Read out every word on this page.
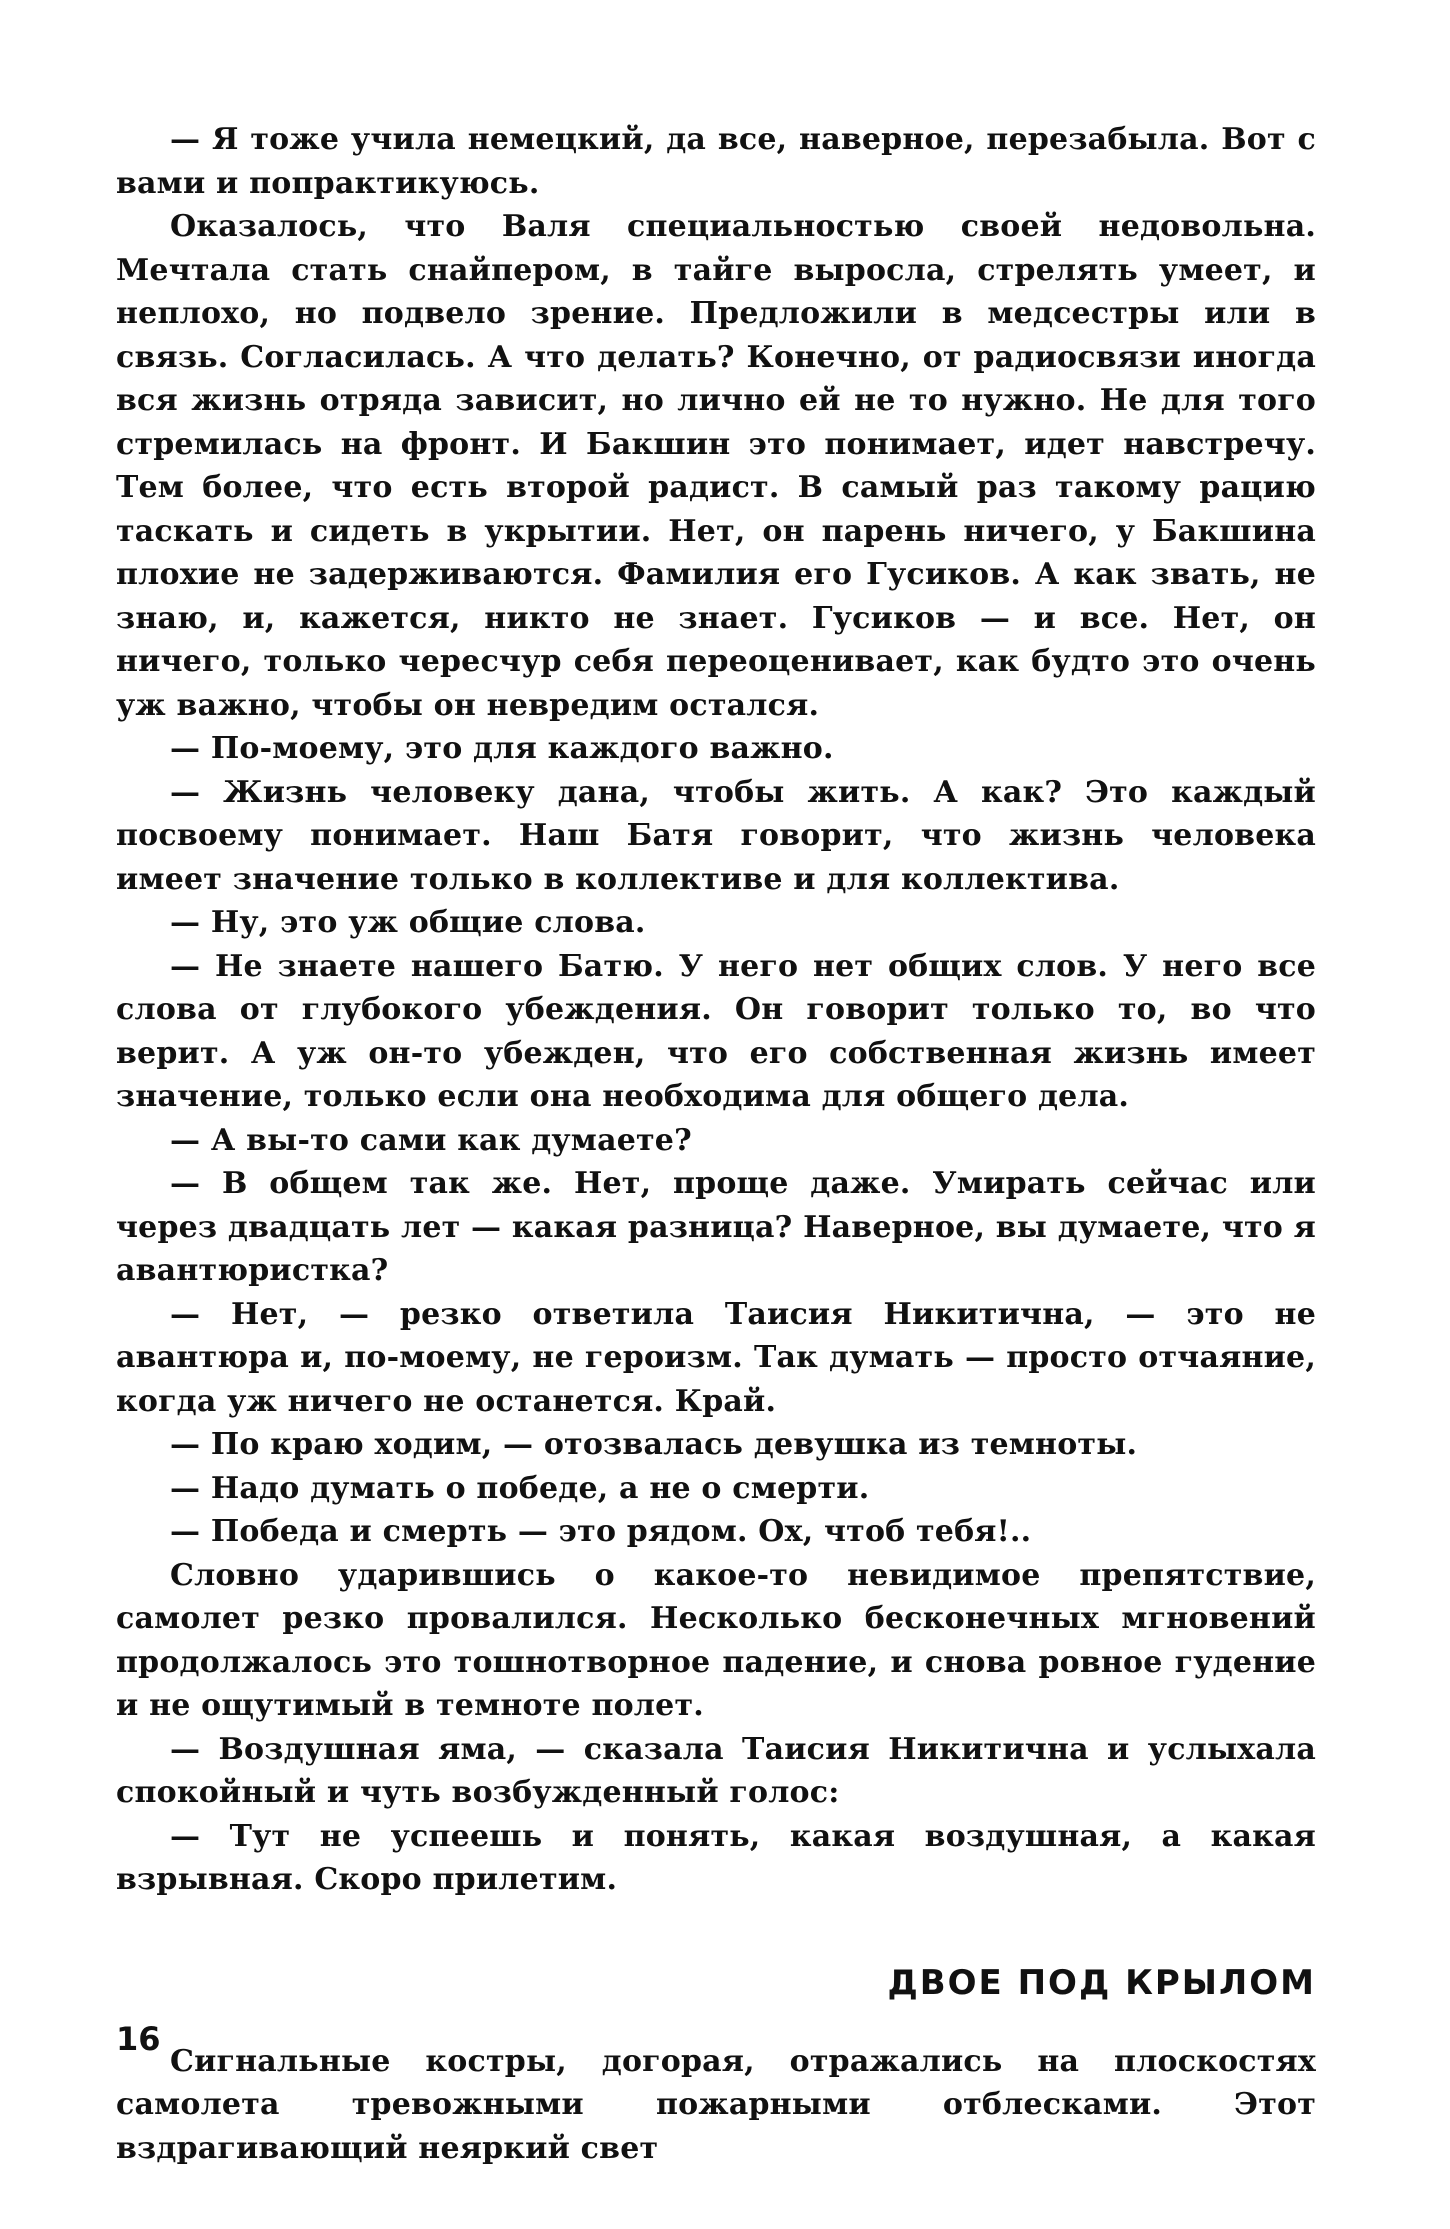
— Я тоже учила немецкий, да все, наверное, перезабыла. Вот с вами и попрактикуюсь.

Оказалось, что Валя специальностью своей недовольна. Мечтала стать снайпером, в тайге выросла, стрелять умеет, и неплохо, но подвело зрение. Предложили в медсестры или в связь. Согласилась. А что делать? Конечно, от радиосвязи иногда вся жизнь отряда зависит, но лично ей не то нужно. Не для того стремилась на фронт. И Бакшин это понимает, идет навстречу. Тем более, что есть второй радист. В самый раз такому рацию таскать и сидеть в укрытии. Нет, он парень ничего, у Бакшина плохие не задерживаются. Фамилия его Гусиков. А как звать, не знаю, и, кажется, никто не знает. Гусиков — и все. Нет, он ничего, только чересчур себя переоценивает, как будто это очень уж важно, чтобы он невредим остался.

— По-моему, это для каждого важно.

— Жизнь человеку дана, чтобы жить. А как? Это каждый посвоему понимает. Наш Батя говорит, что жизнь человека имеет значение только в коллективе и для коллектива.

— Ну, это уж общие слова.

— Не знаете нашего Батю. У него нет общих слов. У него все слова от глубокого убеждения. Он говорит только то, во что верит. А уж он-то убежден, что его собственная жизнь имеет значение, только если она необходима для общего дела.

— А вы-то сами как думаете?

— В общем так же. Нет, проще даже. Умирать сейчас или через двадцать лет — какая разница? Наверное, вы думаете, что я авантюристка?

— Нет, — резко ответила Таисия Никитична, — это не авантюра и, по-моему, не героизм. Так думать — просто отчаяние, когда уж ничего не останется. Край.

— По краю ходим, — отозвалась девушка из темноты.

— Надо думать о победе, а не о смерти.

— Победа и смерть — это рядом. Ох, чтоб тебя!..

Словно ударившись о какое-то невидимое препятствие, самолет резко провалился. Несколько бесконечных мгновений продолжалось это тошнотворное падение, и снова ровное гудение и не ощутимый в темноте полет.

— Воздушная яма, — сказала Таисия Никитична и услыхала спокойный и чуть возбужденный голос:

— Тут не успеешь и понять, какая воздушная, а какая взрывная. Скоро прилетим.

ДВОЕ ПОД КРЫЛОМ

Сигнальные костры, догорая, отражались на плоскостях самолета тревожными пожарными отблесками. Этот вздрагивающий неяркий свет

16
